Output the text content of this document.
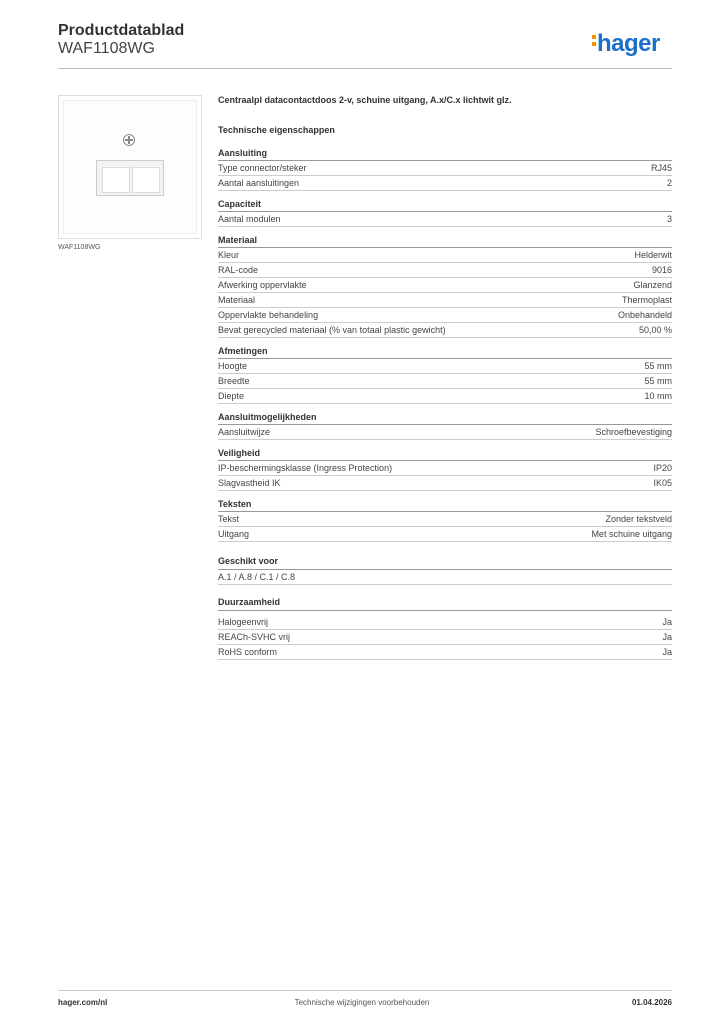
Productdatablad
WAF1108WG	hager
WAF1108WG
Centraalpl datacontactdoos 2-v, schuine uitgang, A.x/C.x lichtwit glz.
Technische eigenschappen
Aansluiting
Type connector/steker	RJ45
Aantal aansluitingen	2
Capaciteit
Aantal modulen	3
Materiaal
Kleur	Helderwit
RAL-code	9016
Afwerking oppervlakte	Glanzend
Materiaal	Thermoplast
Oppervlakte behandeling	Onbehandeld
Bevat gerecycled materiaal (% van totaal plastic gewicht)	50,00 %
Afmetingen
Hoogte	55 mm
Breedte	55 mm
Diepte	10 mm
Aansluitmogelijkheden
Aansluitwijze	Schroefbevestiging
Veiligheid
IP-beschermingsklasse (Ingress Protection)	IP20
Slagvastheid IK	IK05
Teksten
Tekst	Zonder tekstveld
Uitgang	Met schuine uitgang
Geschikt voor
A.1 / A.8 / C.1 / C.8
Duurzaamheid
Halogeenvrij	Ja
REACh-SVHC vrij	Ja
RoHS conform	Ja
hager.com/nl	Technische wijzigingen voorbehouden	01.04.2026
